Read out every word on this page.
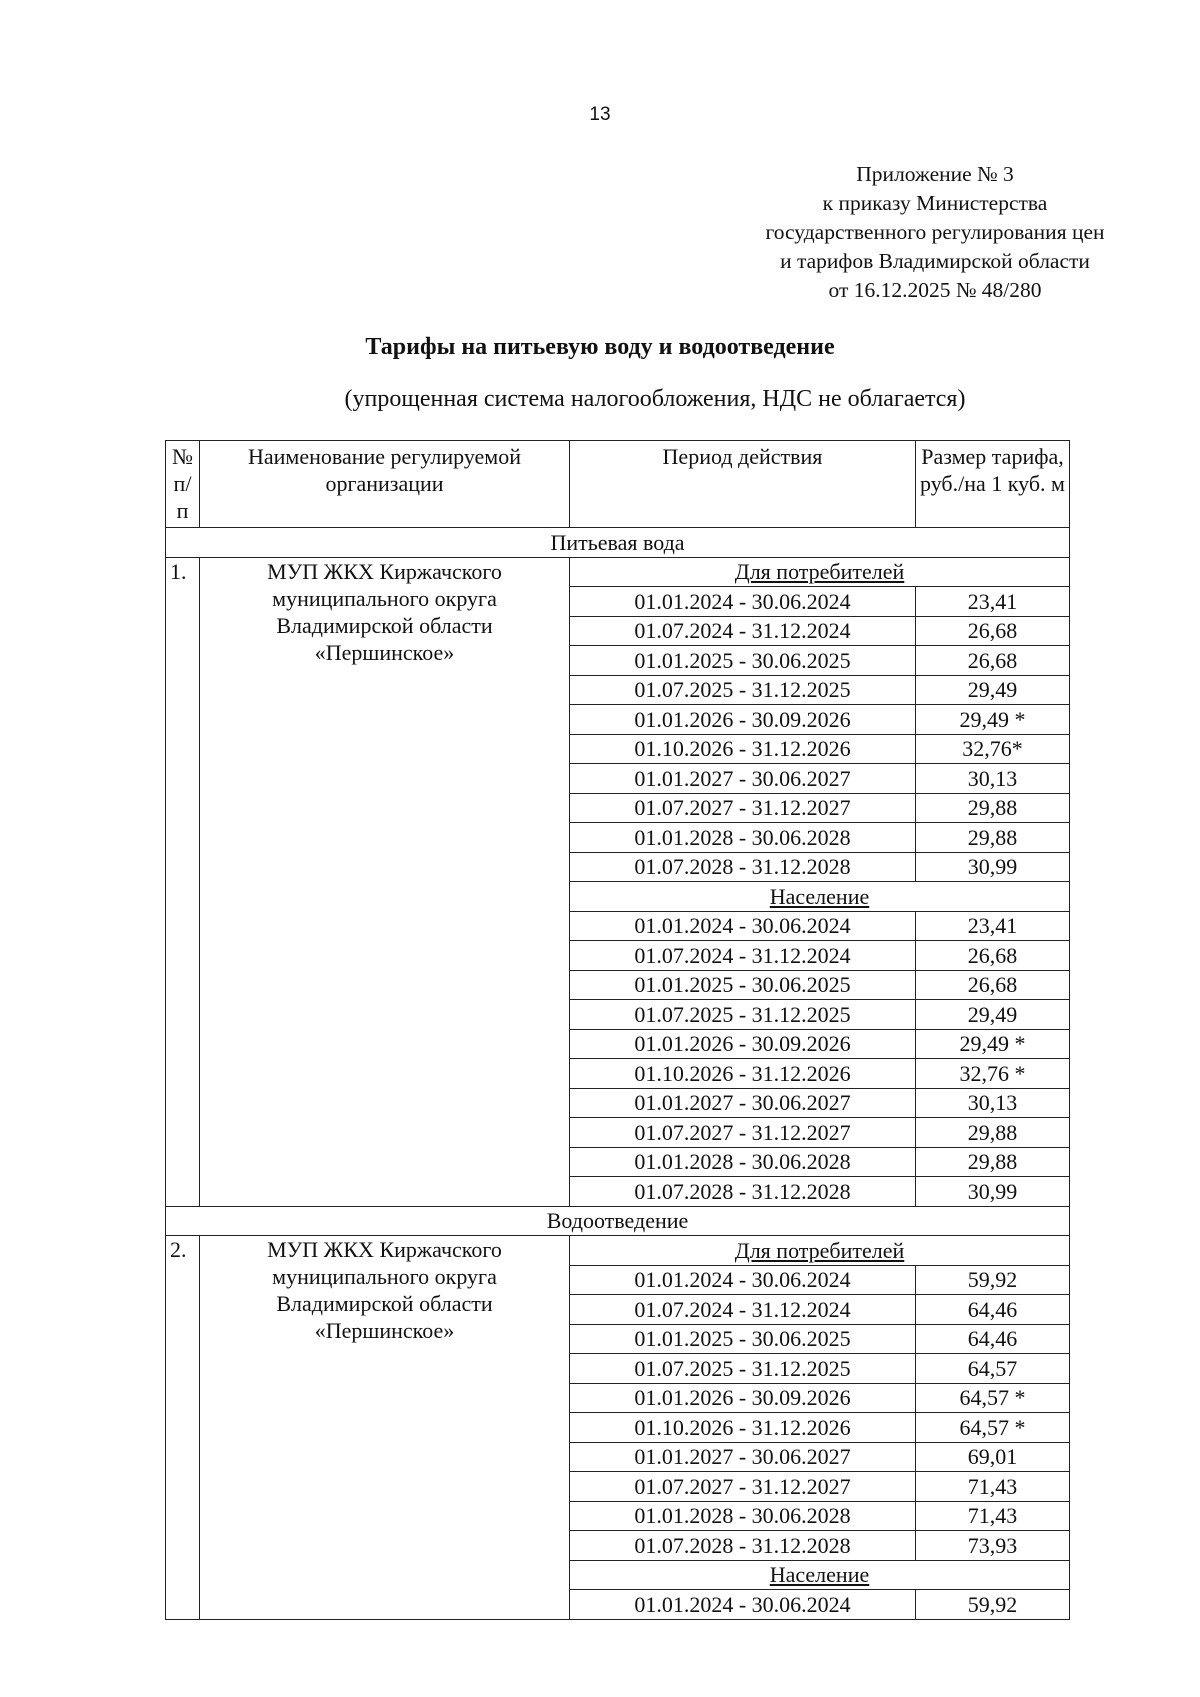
13
Приложение № 3
к приказу Министерства
государственного регулирования цен
и тарифов Владимирской области
от 16.12.2025 № 48/280
Тарифы на питьевую воду и водоотведение
(упрощенная система налогообложения, НДС не облагается)
№ п/п	Наименование регулируемой организации	Период действия	Размер тарифа, руб./на 1 куб. м
Питьевая вода			
1.	МУП ЖКХ Киржачского муниципального округа Владимирской области «Першинское»	Для потребителей	
		01.01.2024 - 30.06.2024	23,41
		01.07.2024 - 31.12.2024	26,68
		01.01.2025 - 30.06.2025	26,68
		01.07.2025 - 31.12.2025	29,49
		01.01.2026 - 30.09.2026	29,49 *
		01.10.2026 - 31.12.2026	32,76*
		01.01.2027 - 30.06.2027	30,13
		01.07.2027 - 31.12.2027	29,88
		01.01.2028 - 30.06.2028	29,88
		01.07.2028 - 31.12.2028	30,99
		Население	
		01.01.2024 - 30.06.2024	23,41
		01.07.2024 - 31.12.2024	26,68
		01.01.2025 - 30.06.2025	26,68
		01.07.2025 - 31.12.2025	29,49
		01.01.2026 - 30.09.2026	29,49 *
		01.10.2026 - 31.12.2026	32,76 *
		01.01.2027 - 30.06.2027	30,13
		01.07.2027 - 31.12.2027	29,88
		01.01.2028 - 30.06.2028	29,88
		01.07.2028 - 31.12.2028	30,99
Водоотведение			
2.	МУП ЖКХ Киржачского муниципального округа Владимирской области «Першинское»	Для потребителей	
		01.01.2024 - 30.06.2024	59,92
		01.07.2024 - 31.12.2024	64,46
		01.01.2025 - 30.06.2025	64,46
		01.07.2025 - 31.12.2025	64,57
		01.01.2026 - 30.09.2026	64,57 *
		01.10.2026 - 31.12.2026	64,57 *
		01.01.2027 - 30.06.2027	69,01
		01.07.2027 - 31.12.2027	71,43
		01.01.2028 - 30.06.2028	71,43
		01.07.2028 - 31.12.2028	73,93
		Население	
		01.01.2024 - 30.06.2024	59,92
